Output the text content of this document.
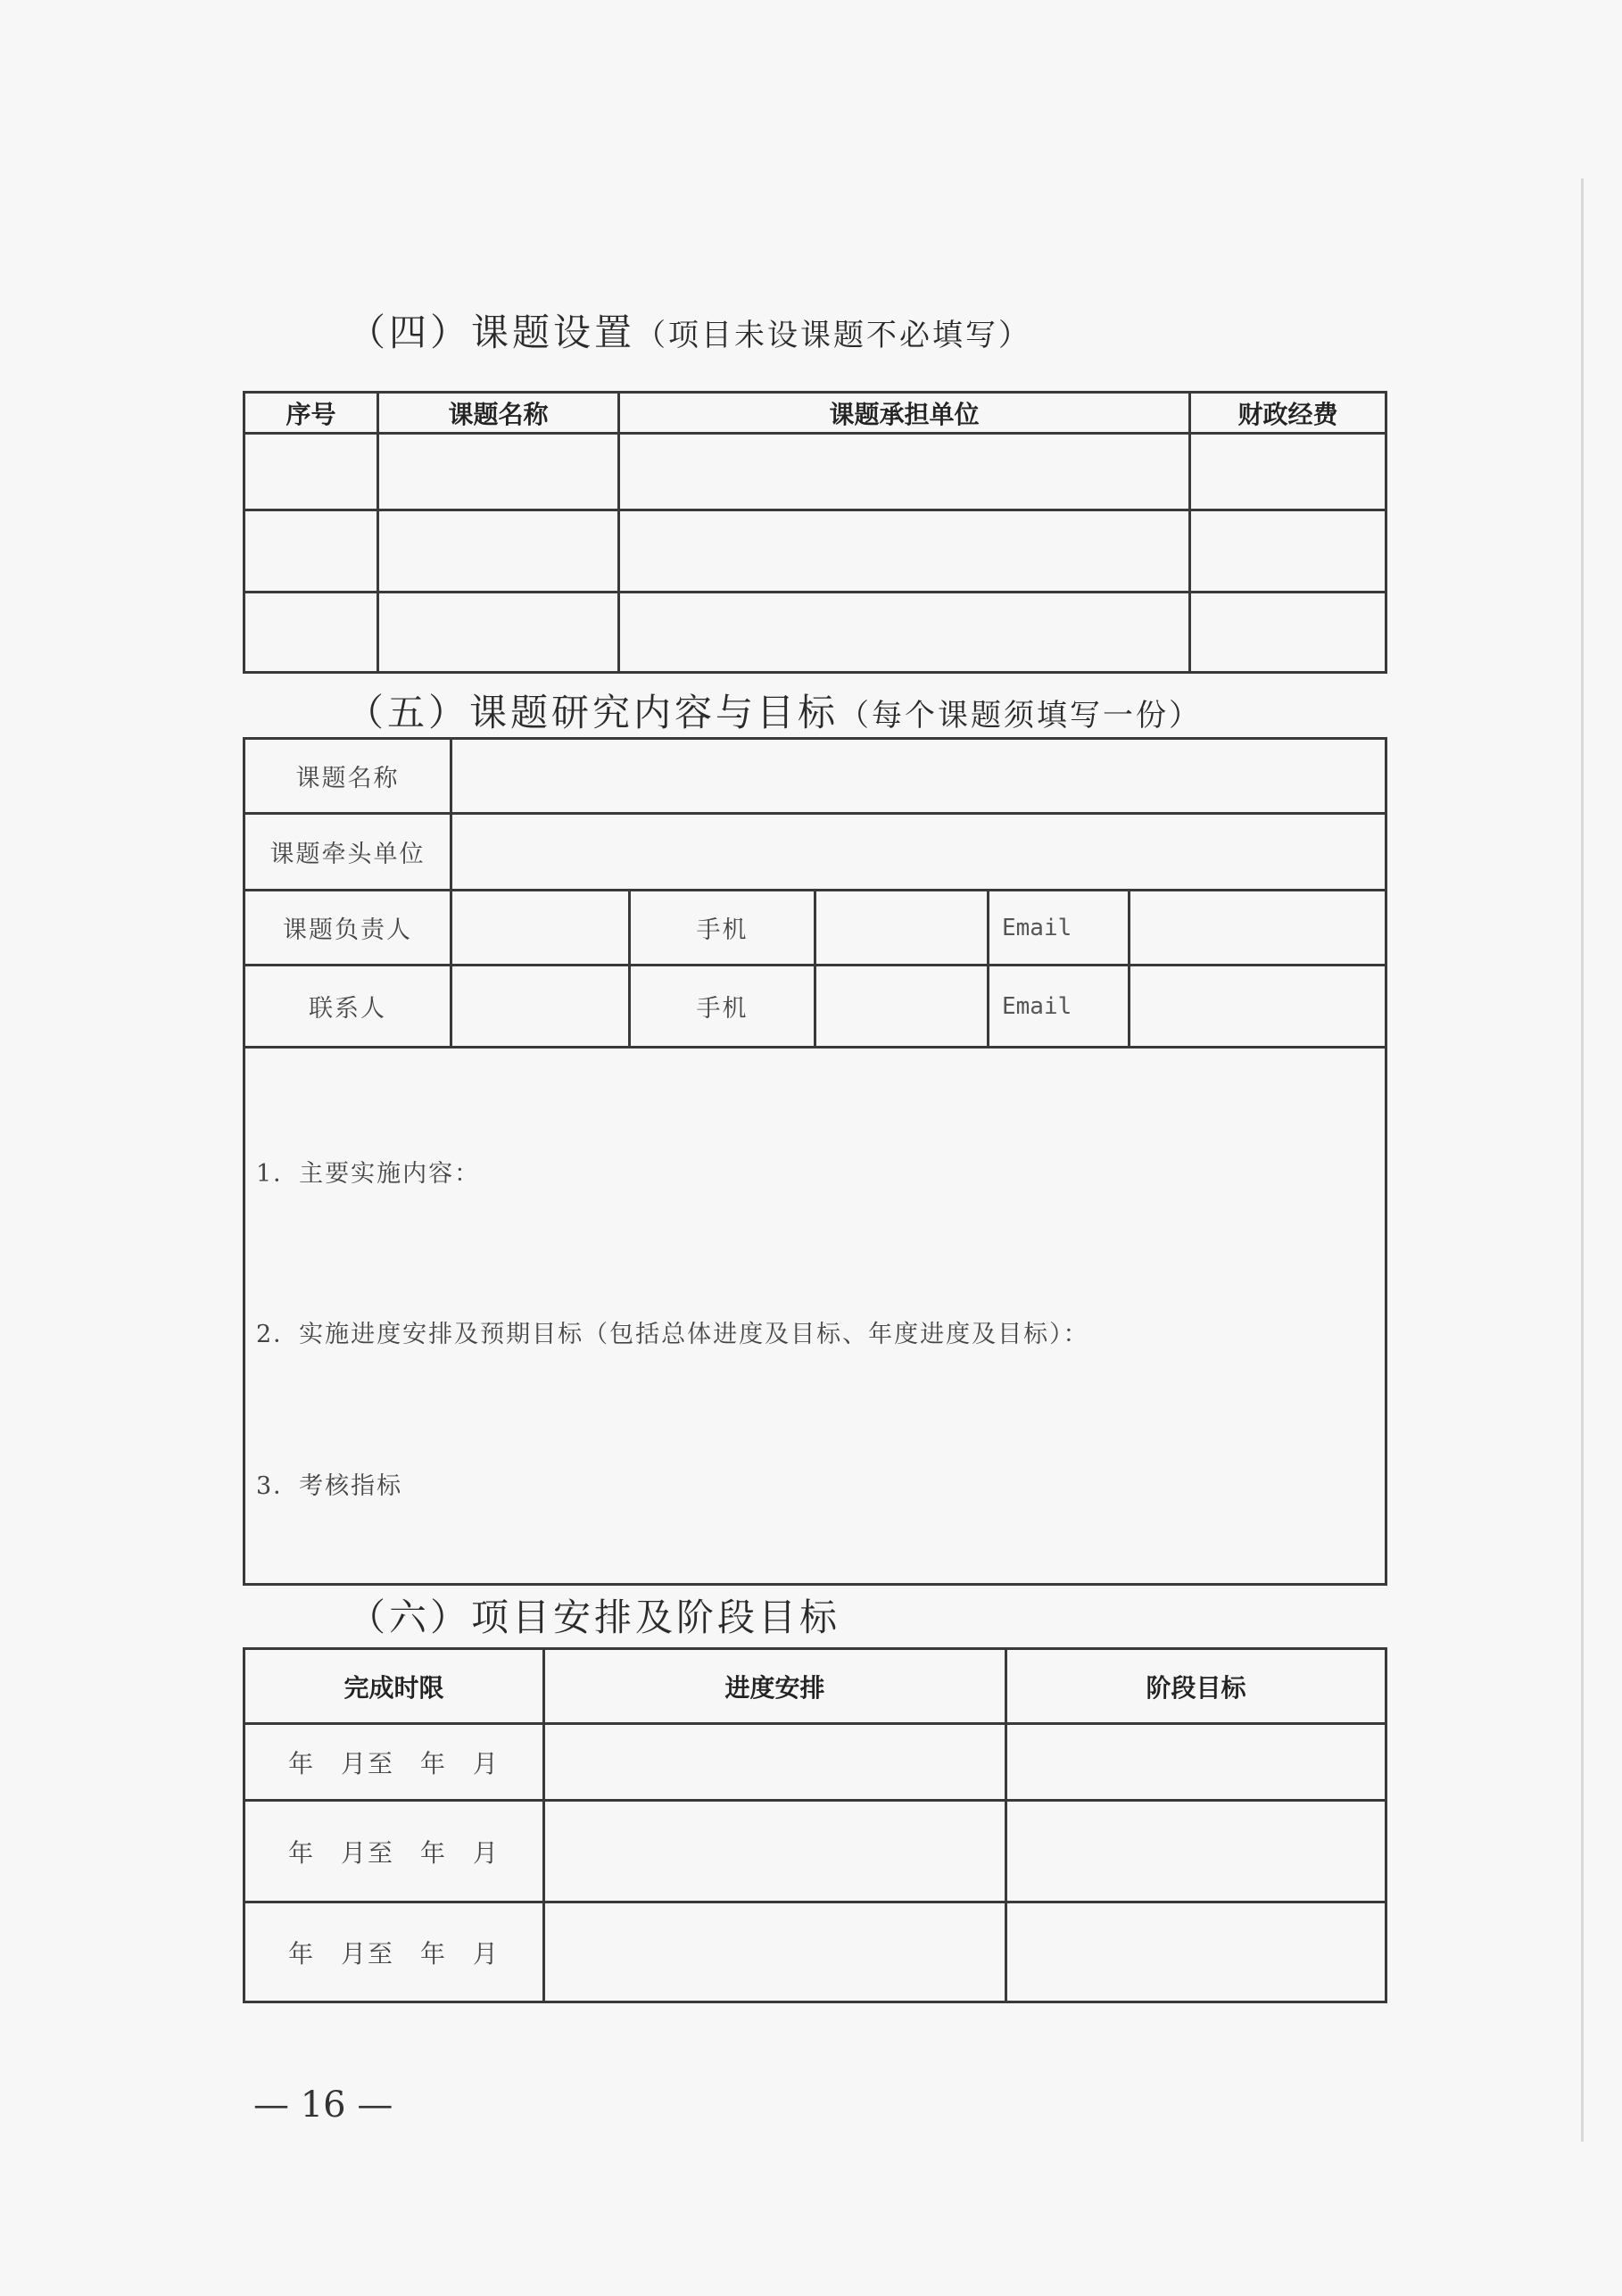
（四）课题设置（项目未设课题不必填写）
序号	课题名称	课题承担单位	财政经费

（五）课题研究内容与目标（每个课题须填写一份）
课题名称					
课题牵头单位					
课题负责人		手机		Email	
联系人		手机		Email	

1．主要实施内容：
2．实施进度安排及预期目标（包括总体进度及目标、年度进度及目标）：
3．考核指标					
（六）项目安排及阶段目标
完成时限	进度安排	阶段目标
年 月至 年 月		
年 月至 年 月		
年 月至 年 月		
— 16 —
